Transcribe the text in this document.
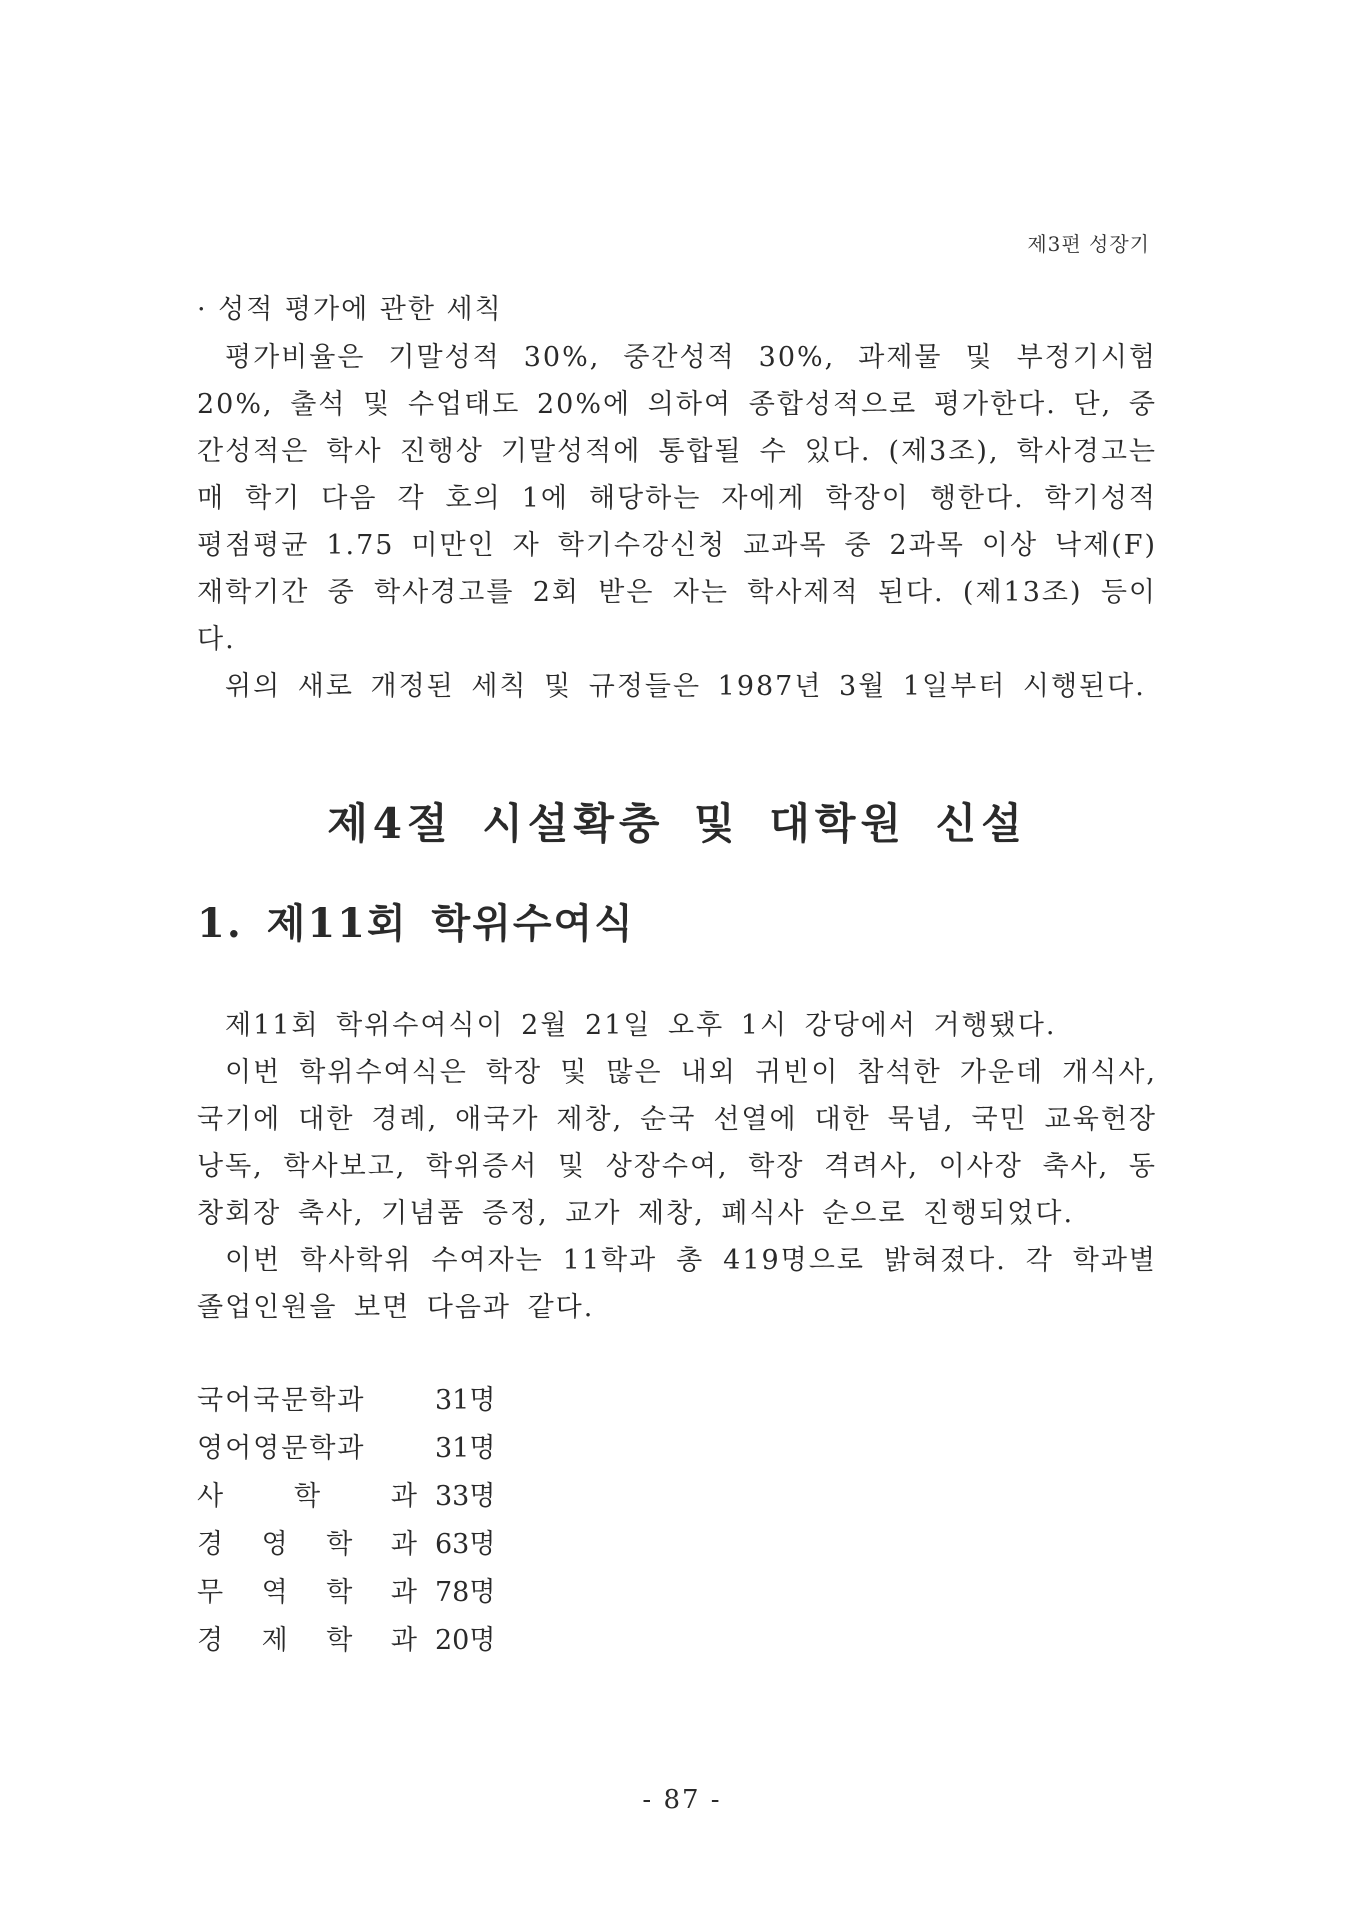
제3편 성장기

· 성적 평가에 관한 세칙

평가비율은 기말성적 30%, 중간성적 30%, 과제물 및 부정기시험 20%, 출석 및 수업태도 20%에 의하여 종합성적으로 평가한다. 단, 중간성적은 학사 진행상 기말성적에 통합될 수 있다. (제3조), 학사경고는 매 학기 다음 각 호의 1에 해당하는 자에게 학장이 행한다. 학기성적 평점평균 1.75 미만인 자 학기수강신청 교과목 중 2과목 이상 낙제(F) 재학기간 중 학사경고를 2회 받은 자는 학사제적 된다. (제13조) 등이다.

위의 새로 개정된 세칙 및 규정들은 1987년 3월 1일부터 시행된다.

제4절 시설확충 및 대학원 신설
1. 제11회 학위수여식

제11회 학위수여식이 2월 21일 오후 1시 강당에서 거행됐다.

이번 학위수여식은 학장 및 많은 내외 귀빈이 참석한 가운데 개식사, 국기에 대한 경례, 애국가 제창, 순국 선열에 대한 묵념, 국민 교육헌장 낭독, 학사보고, 학위증서 및 상장수여, 학장 격려사, 이사장 축사, 동창회장 축사, 기념품 증정, 교가 제창, 폐식사 순으로 진행되었다.

이번 학사학위 수여자는 11학과 총 419명으로 밝혀졌다. 각 학과별 졸업인원을 보면 다음과 같다.

국어국문학과	31명
영어영문학과	31명
사	학	과 33명
경 영 학 과 63명
무 역 학 과 78명
경 제 학 과 20명
- 87 -
